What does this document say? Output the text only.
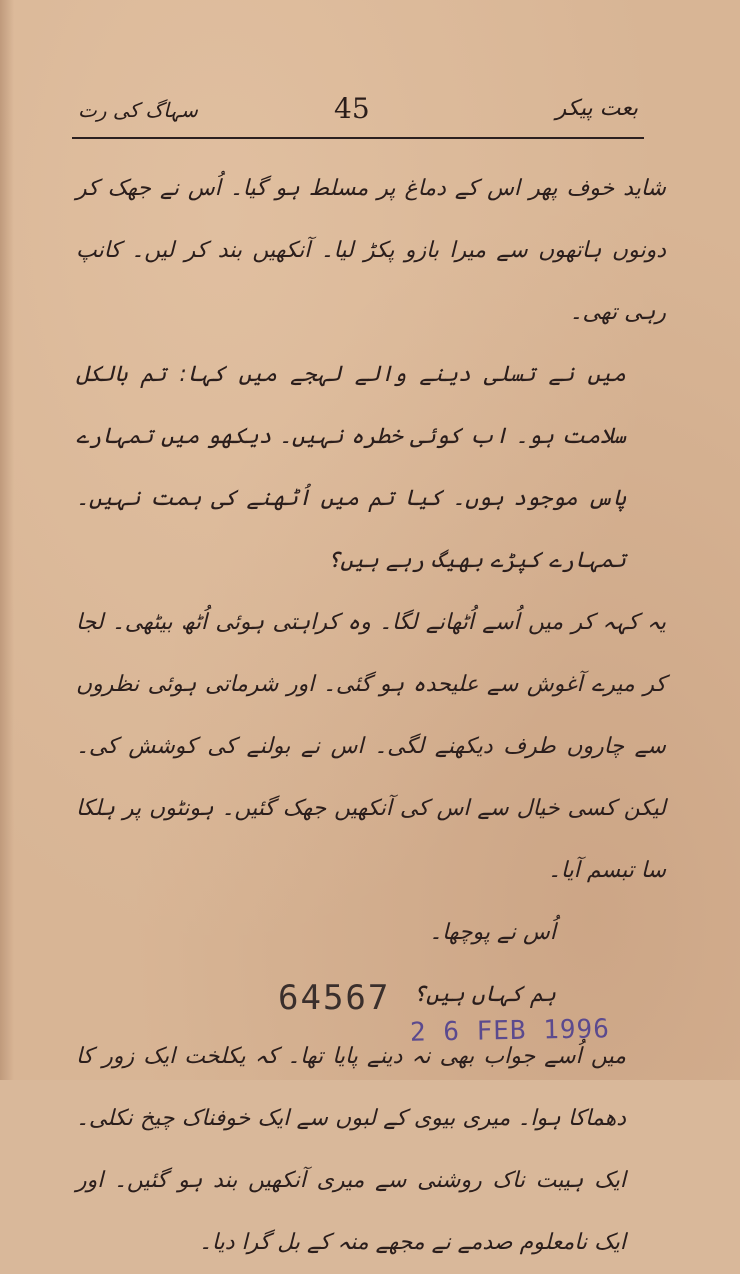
سہاگ کی رت	45	بعت پیکر

شاید خوف پھر اس کے دماغ پر مسلط ہو گیا۔ اُس نے جھک کر دونوں ہاتھوں سے میرا بازو پکڑ لیا۔ آنکھیں بند کر لیں۔ کانپ رہی تھی۔

میں نے تسلی دینے والے لہجے میں کہا: تم بالکل سلامت ہو۔ اب کوئی خطرہ نہیں۔ دیکھو میں تمہارے پاس موجود ہوں۔ کیا تم میں اُٹھنے کی ہمت نہیں۔ تمہارے کپڑے بھیگ رہے ہیں؟

یہ کہہ کر میں اُسے اُٹھانے لگا۔ وہ کراہتی ہوئی اُٹھ بیٹھی۔ لجا کر میرے آغوش سے علیحدہ ہو گئی۔ اور شرماتی ہوئی نظروں سے چاروں طرف دیکھنے لگی۔ اس نے بولنے کی کوشش کی۔ لیکن کسی خیال سے اس کی آنکھیں جھک گئیں۔ ہونٹوں پر ہلکا سا تبسم آیا۔

اُس نے پوچھا۔

ہم کہاں ہیں؟

میں اُسے جواب بھی نہ دینے پایا تھا۔ کہ یکلخت ایک زور کا دھماکا ہوا۔ میری بیوی کے لبوں سے ایک خوفناک چیخ نکلی۔ ایک ہیبت ناک روشنی سے میری آنکھیں بند ہو گئیں۔ اور ایک نامعلوم صدمے نے مجھے منہ کے بل گرا دیا۔

64567
2 6 FEB 1996
